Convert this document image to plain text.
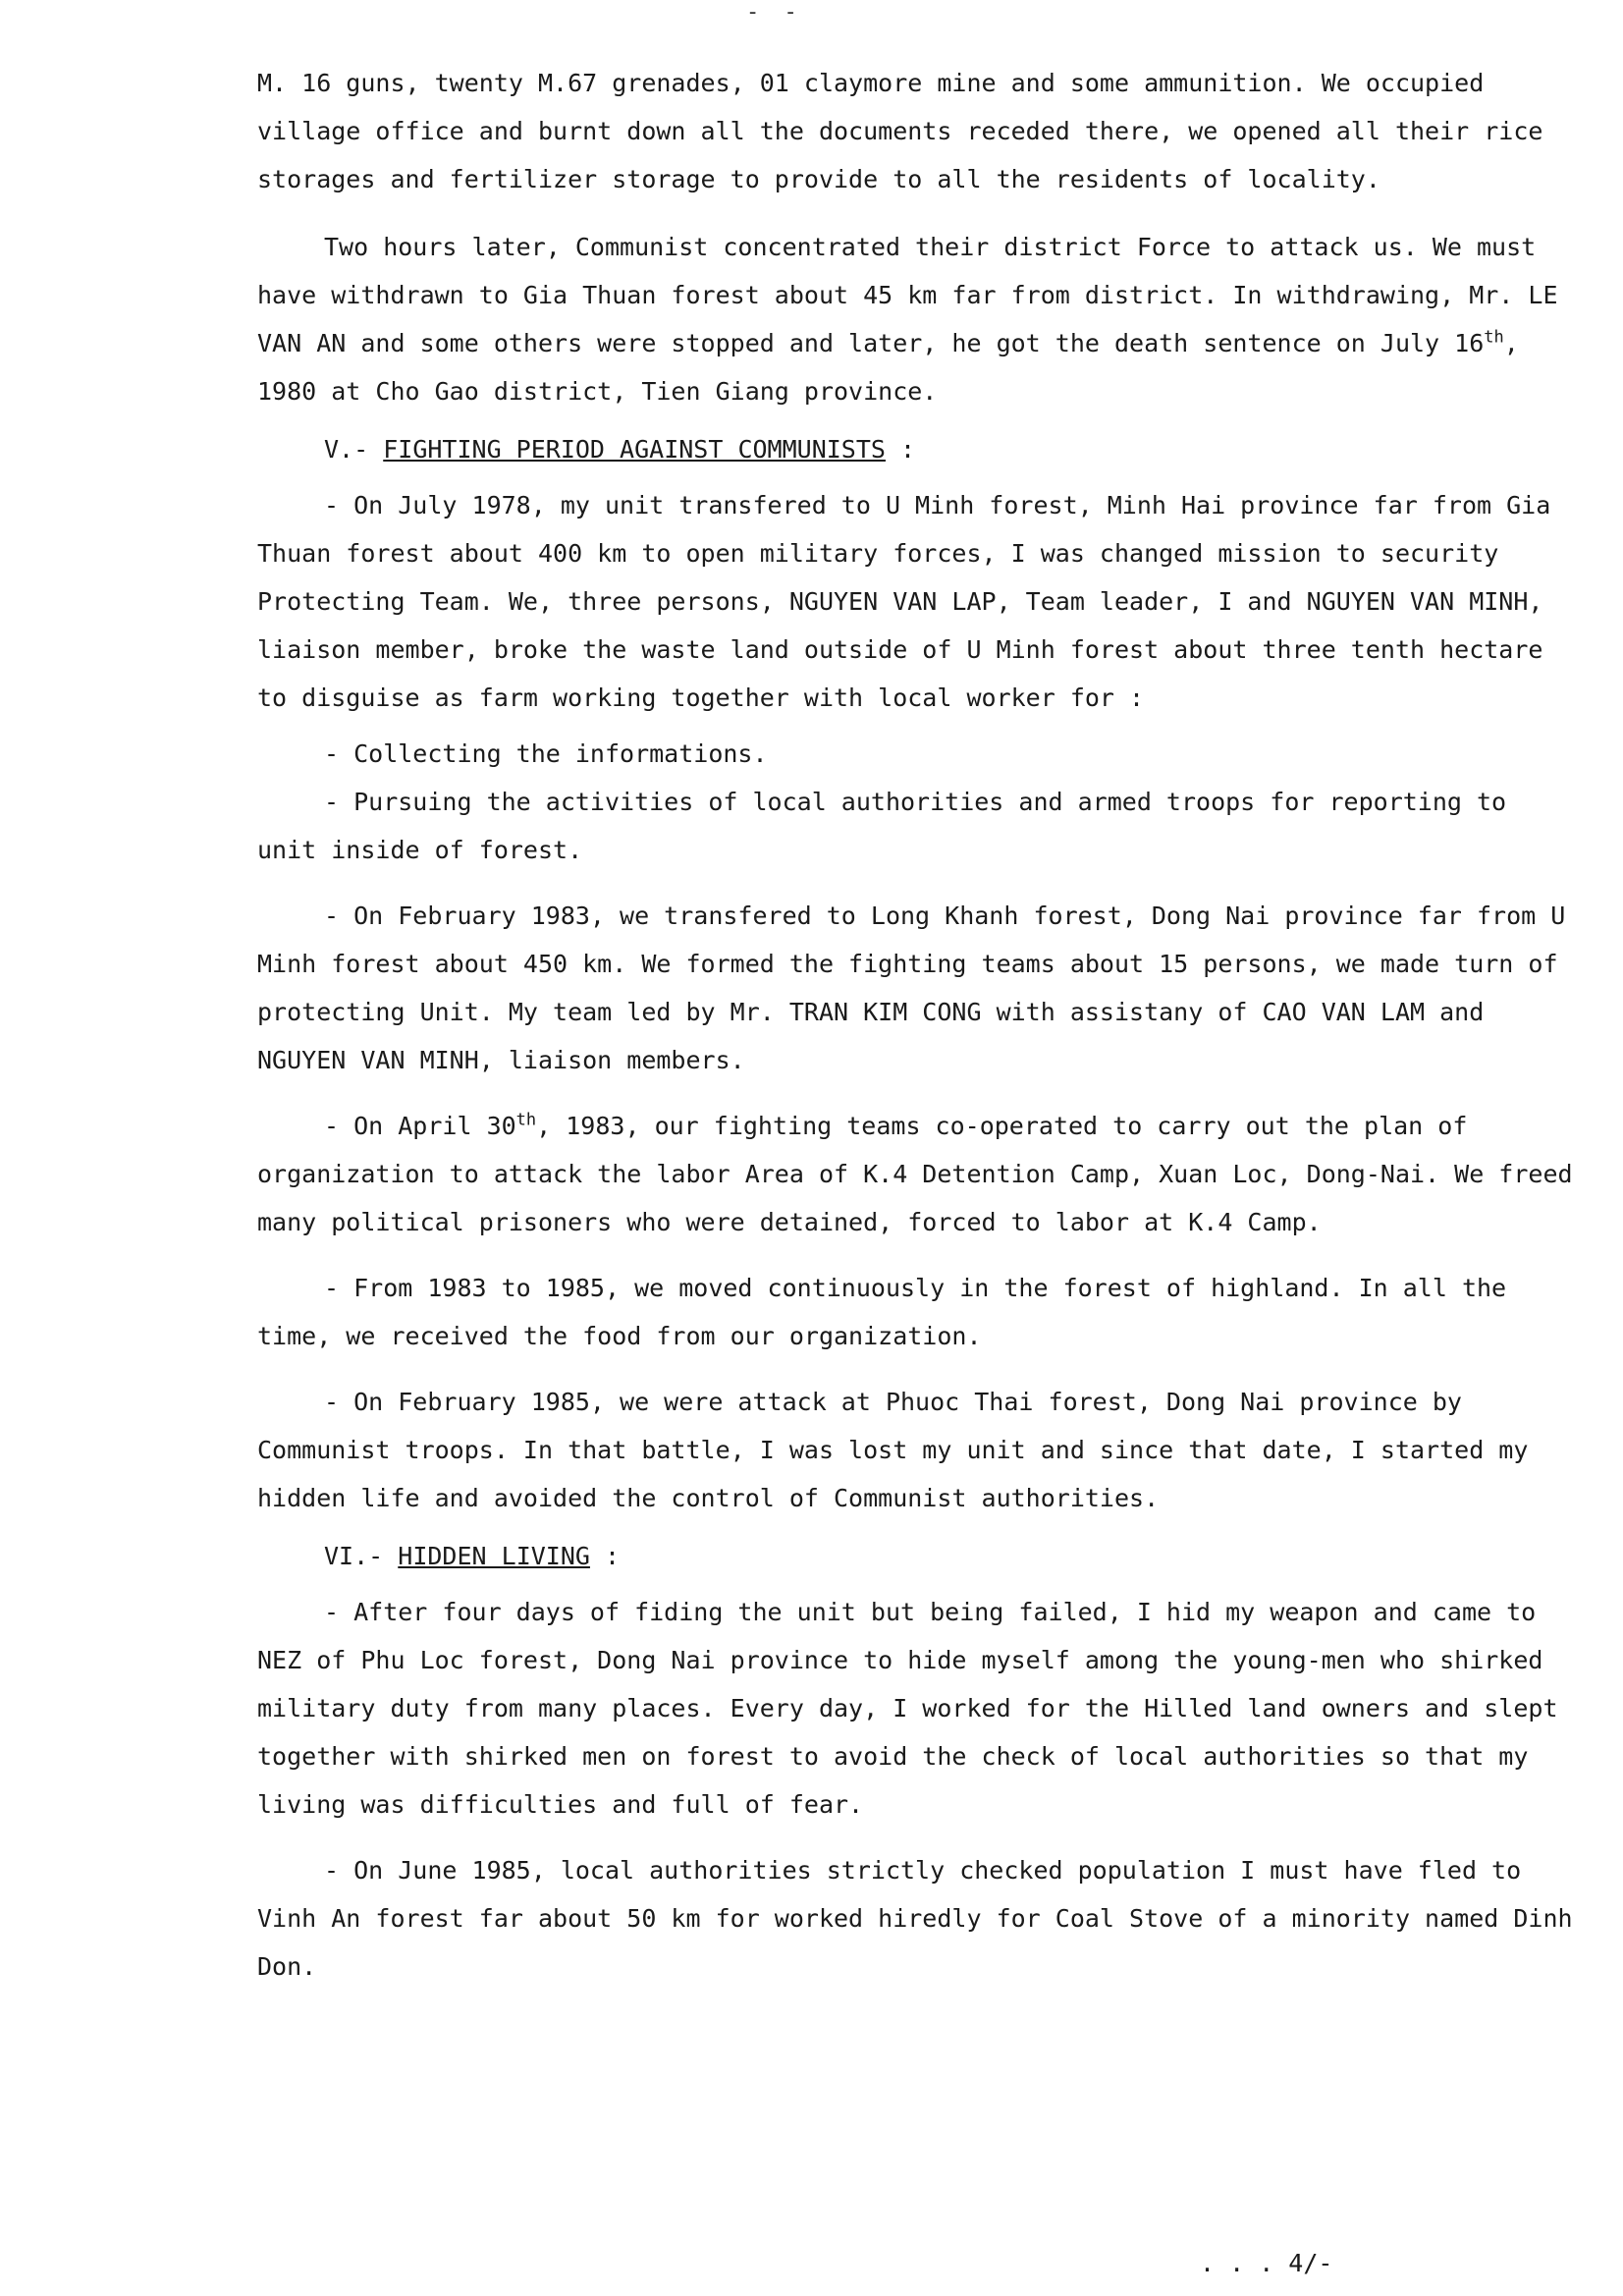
- -

M. 16 guns, twenty M.67 grenades, 01 claymore mine and some ammunition. We occupied village office and burnt down all the documents receded there, we opened all their rice storages and fertilizer storage to provide to all the residents of locality.

Two hours later, Communist concentrated their district Force to attack us. We must have withdrawn to Gia Thuan forest about 45 km far from district. In withdrawing, Mr. LE VAN AN and some others were stopped and later, he got the death sentence on July 16th, 1980 at Cho Gao district, Tien Giang province.

V.- FIGHTING PERIOD AGAINST COMMUNISTS :

- On July 1978, my unit transfered to U Minh forest, Minh Hai province far from Gia Thuan forest about 400 km to open military forces, I was changed mission to security Protecting Team. We, three persons, NGUYEN VAN LAP, Team leader, I and NGUYEN VAN MINH, liaison member, broke the waste land outside of U Minh forest about three tenth hectare to disguise as farm working together with local worker for :

- Collecting the informations.

- Pursuing the activities of local authorities and armed troops for reporting to unit inside of forest.

- On February 1983, we transfered to Long Khanh forest, Dong Nai province far from U Minh forest about 450 km. We formed the fighting teams about 15 persons, we made turn of protecting Unit. My team led by Mr. TRAN KIM CONG with assistany of CAO VAN LAM and NGUYEN VAN MINH, liaison members.

- On April 30th, 1983, our fighting teams co-operated to carry out the plan of organization to attack the labor Area of K.4 Detention Camp, Xuan Loc, Dong-Nai. We freed many political prisoners who were detained, forced to labor at K.4 Camp.

- From 1983 to 1985, we moved continuously in the forest of highland. In all the time, we received the food from our organization.

- On February 1985, we were attack at Phuoc Thai forest, Dong Nai province by Communist troops. In that battle, I was lost my unit and since that date, I started my hidden life and avoided the control of Communist authorities.

VI.- HIDDEN LIVING :

- After four days of fiding the unit but being failed, I hid my weapon and came to NEZ of Phu Loc forest, Dong Nai province to hide myself among the young-men who shirked military duty from many places. Every day, I worked for the Hilled land owners and slept together with shirked men on forest to avoid the check of local authorities so that my living was difficulties and full of fear.

- On June 1985, local authorities strictly checked population I must have fled to Vinh An forest far about 50 km for worked hiredly for Coal Stove of a minority named Dinh Don.

. . . 4/-
